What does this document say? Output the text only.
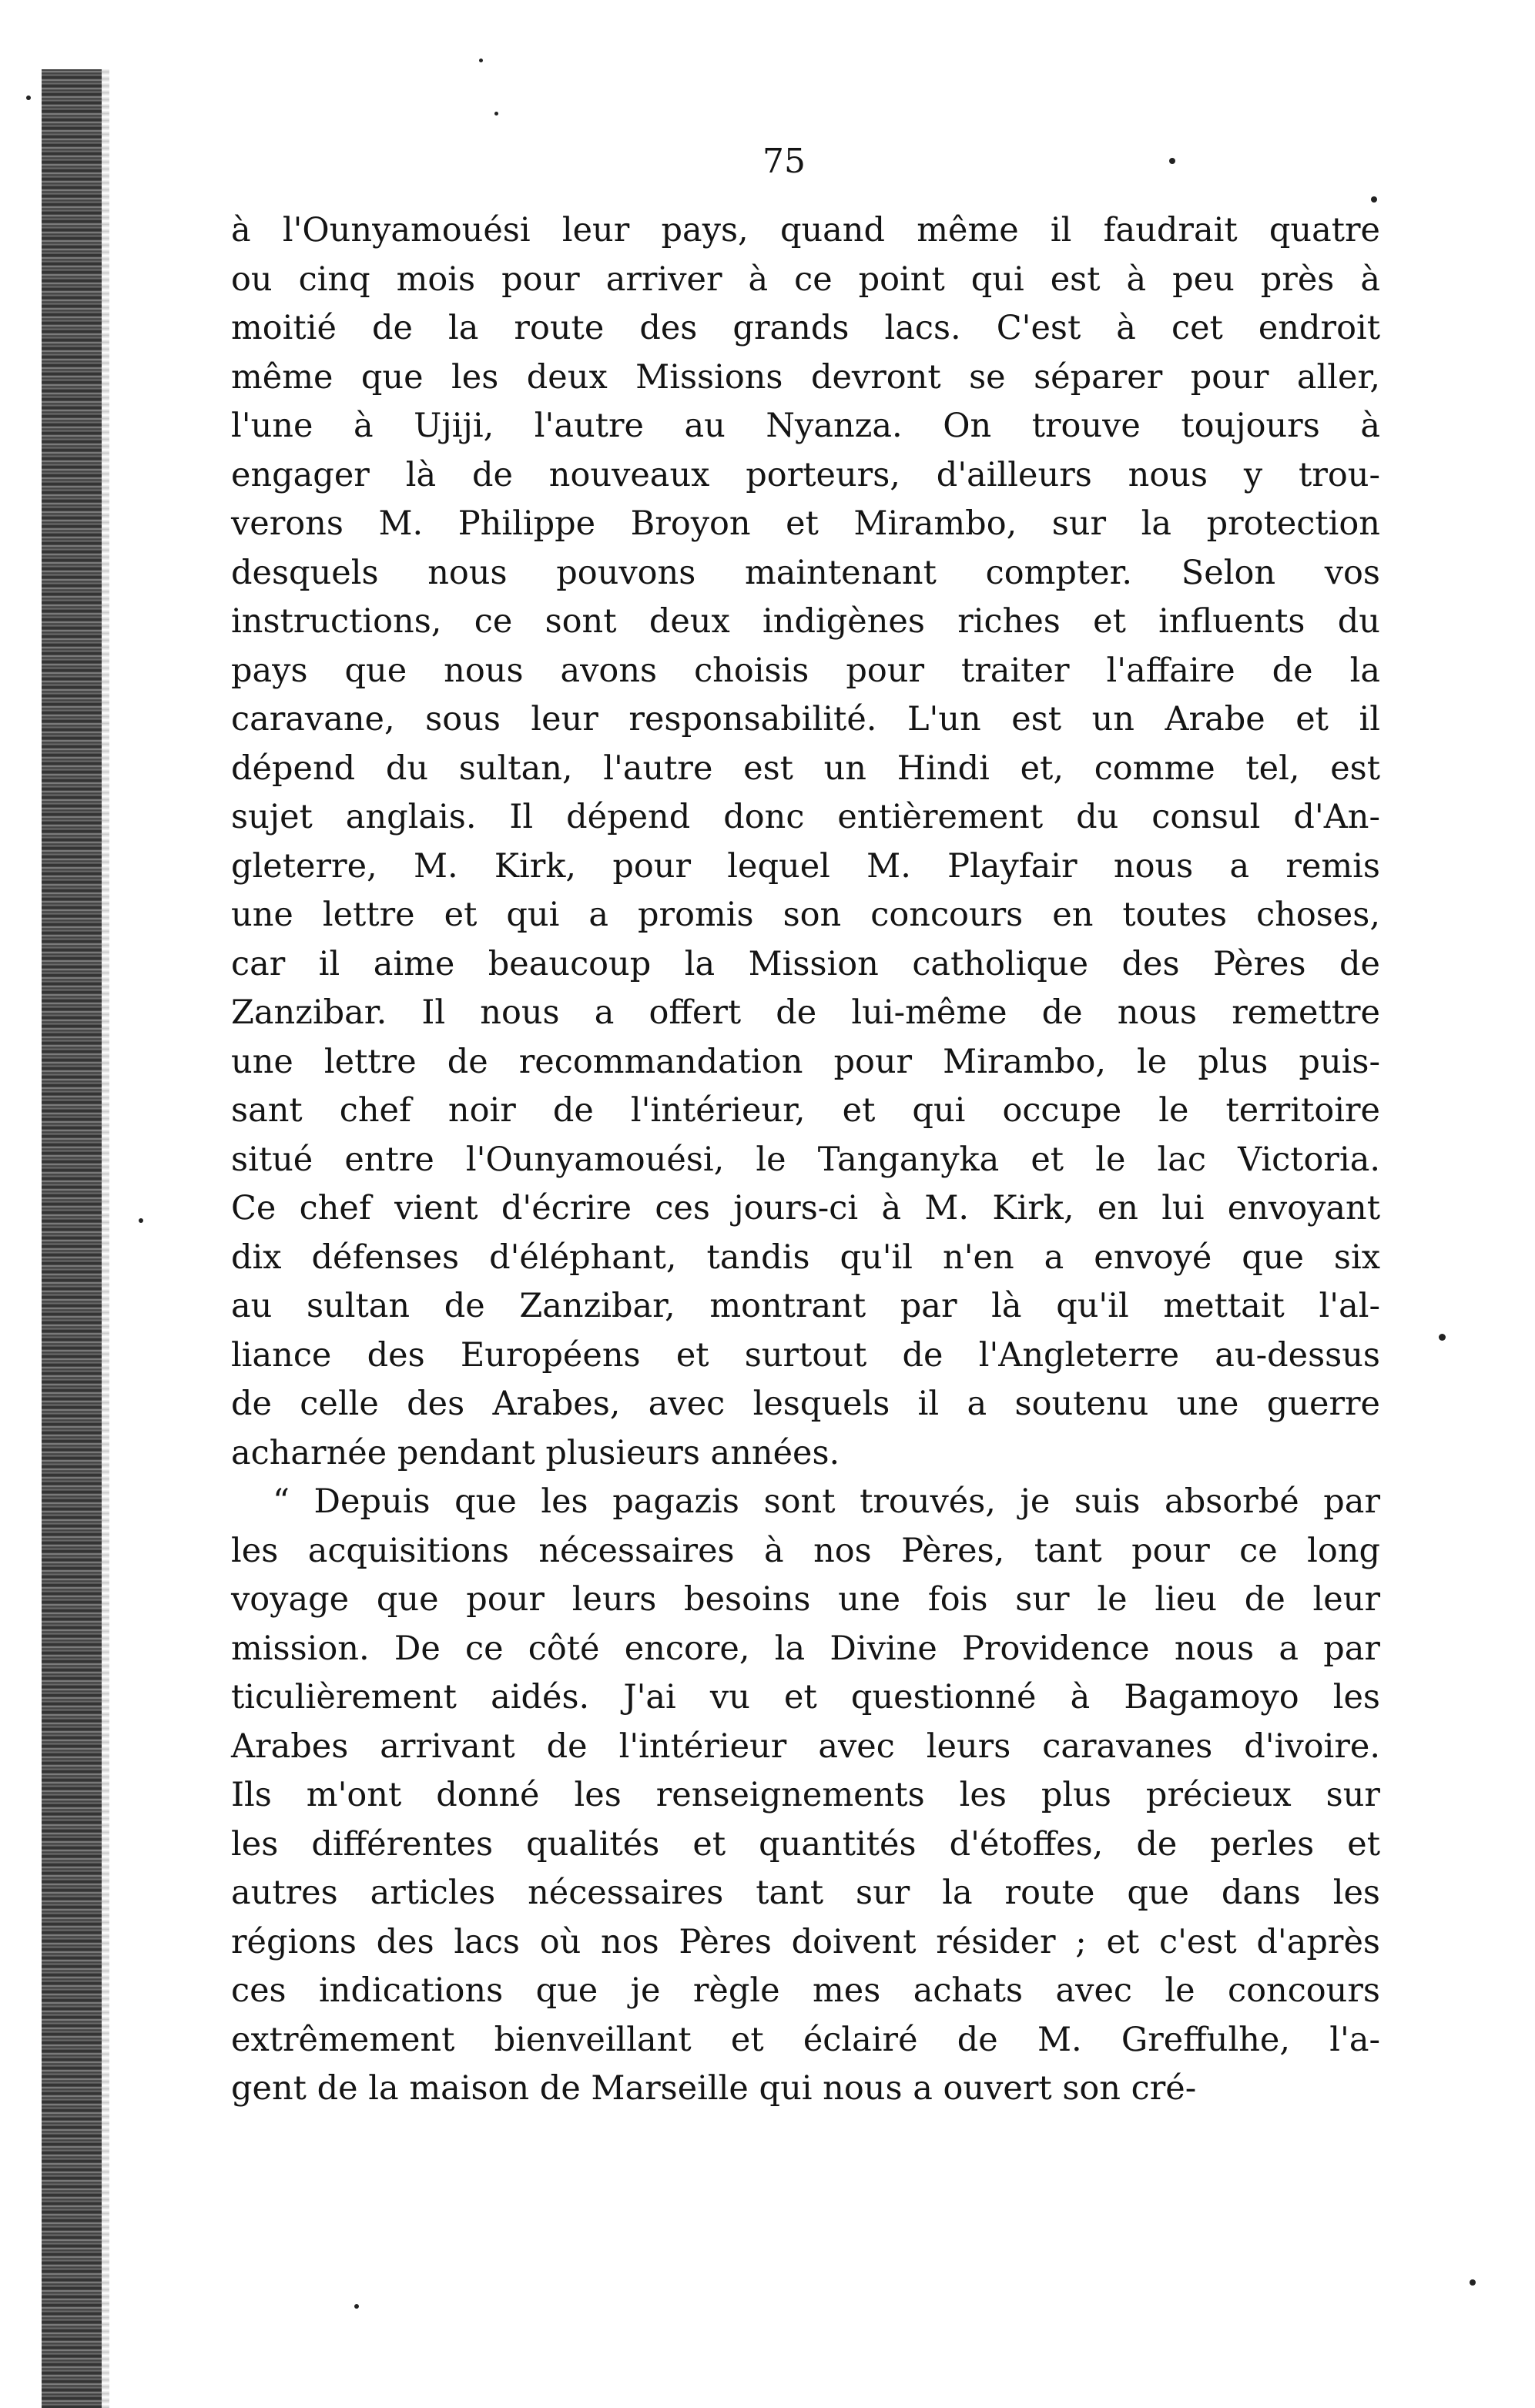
75
à l'Ounyamouési leur pays, quand même il faudrait quatre
ou cinq mois pour arriver à ce point qui est à peu près à
moitié de la route des grands lacs. C'est à cet endroit
même que les deux Missions devront se séparer pour aller,
l'une à Ujiji, l'autre au Nyanza. On trouve toujours à
engager là de nouveaux porteurs, d'ailleurs nous y trou-
verons M. Philippe Broyon et Mirambo, sur la protection
desquels nous pouvons maintenant compter. Selon vos
instructions, ce sont deux indigènes riches et influents du
pays que nous avons choisis pour traiter l'affaire de la
caravane, sous leur responsabilité. L'un est un Arabe et il
dépend du sultan, l'autre est un Hindi et, comme tel, est
sujet anglais. Il dépend donc entièrement du consul d'An-
gleterre, M. Kirk, pour lequel M. Playfair nous a remis
une lettre et qui a promis son concours en toutes choses,
car il aime beaucoup la Mission catholique des Pères de
Zanzibar. Il nous a offert de lui-même de nous remettre
une lettre de recommandation pour Mirambo, le plus puis-
sant chef noir de l'intérieur, et qui occupe le territoire
situé entre l'Ounyamouési, le Tanganyka et le lac Victoria.
Ce chef vient d'écrire ces jours-ci à M. Kirk, en lui envoyant
dix défenses d'éléphant, tandis qu'il n'en a envoyé que six
au sultan de Zanzibar, montrant par là qu'il mettait l'al-
liance des Européens et surtout de l'Angleterre au-dessus
de celle des Arabes, avec lesquels il a soutenu une guerre
acharnée pendant plusieurs années.
“ Depuis que les pagazis sont trouvés, je suis absorbé par
les acquisitions nécessaires à nos Pères, tant pour ce long
voyage que pour leurs besoins une fois sur le lieu de leur
mission. De ce côté encore, la Divine Providence nous a par
ticulièrement aidés. J'ai vu et questionné à Bagamoyo les
Arabes arrivant de l'intérieur avec leurs caravanes d'ivoire.
Ils m'ont donné les renseignements les plus précieux sur
les différentes qualités et quantités d'étoffes, de perles et
autres articles nécessaires tant sur la route que dans les
régions des lacs où nos Pères doivent résider ; et c'est d'après
ces indications que je règle mes achats avec le concours
extrêmement bienveillant et éclairé de M. Greffulhe, l'a-
gent de la maison de Marseille qui nous a ouvert son cré-
